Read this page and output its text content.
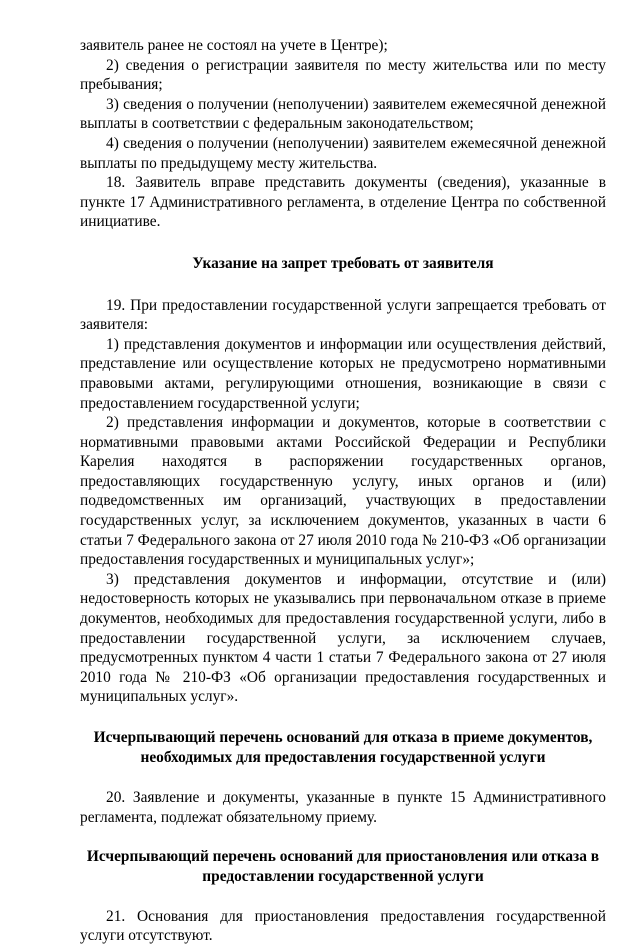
заявитель ранее не состоял на учете в Центре);

2) сведения о регистрации заявителя по месту жительства или по месту пребывания;

3) сведения о получении (неполучении) заявителем ежемесячной денежной выплаты в соответствии с федеральным законодательством;

4) сведения о получении (неполучении) заявителем ежемесячной денежной выплаты по предыдущему месту жительства.

18. Заявитель вправе представить документы (сведения), указанные в пункте 17 Административного регламента, в отделение Центра по собственной инициативе.

Указание на запрет требовать от заявителя

19. При предоставлении государственной услуги запрещается требовать от заявителя:

1) представления документов и информации или осуществления действий, представление или осуществление которых не предусмотрено нормативными правовыми актами, регулирующими отношения, возникающие в связи с предоставлением государственной услуги;

2) представления информации и документов, которые в соответствии с нормативными правовыми актами Российской Федерации и Республики Карелия находятся в распоряжении государственных органов, предоставляющих государственную услугу, иных органов и (или) подведомственных им организаций, участвующих в предоставлении государственных услуг, за исключением документов, указанных в части 6 статьи 7 Федерального закона от 27 июля 2010 года № 210-ФЗ «Об организации предоставления государственных и муниципальных услуг»;

3) представления документов и информации, отсутствие и (или) недостоверность которых не указывались при первоначальном отказе в приеме документов, необходимых для предоставления государственной услуги, либо в предоставлении государственной услуги, за исключением случаев, предусмотренных пунктом 4 части 1 статьи 7 Федерального закона от 27 июля 2010 года № 210-ФЗ «Об организации предоставления государственных и муниципальных услуг».

Исчерпывающий перечень оснований для отказа в приеме документов, необходимых для предоставления государственной услуги

20. Заявление и документы, указанные в пункте 15 Административного регламента, подлежат обязательному приему.

Исчерпывающий перечень оснований для приостановления или отказа в предоставлении государственной услуги

21. Основания для приостановления предоставления государственной услуги отсутствуют.
